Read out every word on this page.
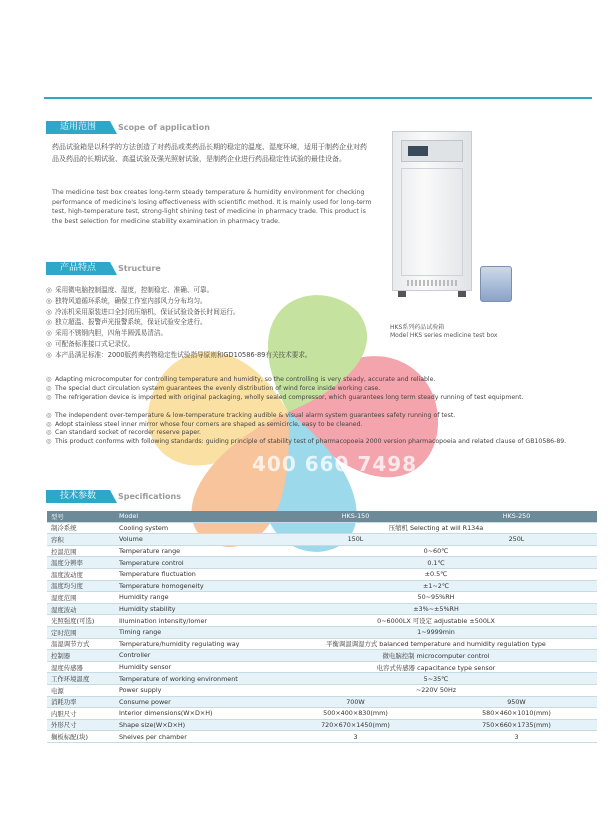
适用范围	Scope of application
药品试验箱是以科学的方法创造了对药品或类药品长期的稳定的温度、湿度环境，适用于制药企业对药品及药品的长期试验、高温试验及强光照射试验，是制药企业进行药品稳定性试验的最佳设备。
The medicine test box creates long-term steady temperature & humidity environment for checking performance of medicine's losing effectiveness with scientific method. It is mainly used for long-term test, high-temperature test, strong-light shining test of medicine in pharmacy trade. This product is the best selection for medicine stability examination in pharmacy trade.
HKS系列药品试验箱
Model HKS series medicine test box
产品特点	Structure
◎ 采用微电脑控制温度、湿度，控制稳定、准确、可靠。
◎ 独特风道循环系统，确保工作室内部风力分布均匀。
◎ 冷冻机采用原装进口全封闭压缩机，保证试验设备长时间运行。
◎ 独立超温、报警声光报警系统，保证试验安全进行。
◎ 采用不锈钢内胆，四角半圆弧易清洁。
◎ 可配备标准接口式记录仪。
◎ 本产品满足标准：2000版药典药物稳定性试验指导原则和GD10586-89有关技术要求。
◎ Adapting microcomputer for controlling temperature and humidity, so the controlling is very steady, accurate and reliable.
◎ The special duct circulation system guarantees the evenly distribution of wind force inside working case.
◎ The refrigeration device is imported with original packaging, wholly sealed compressor, which guarantees long term steady running of test equipment.
◎ The independent over-temperature & low-temperature tracking audible & visual alarm system guarantees safety running of test.
◎ Adopt stainless steel inner mirror whose four corners are shaped as semicircle, easy to be cleaned.
◎ Can standard socket of recorder reserve paper.
◎ This product conforms with following standards: guiding principle of stability test of pharmacopoeia 2000 version pharmacopoeia and related clause of GB10586-89.
400 660 7498
技术参数	Specifications
型号	Model	HKS-150	HKS-250
制冷系统	Cooling system	压缩机 Selecting at will R134a	
容积	Volume	150L	250L
控温范围	Temperature range	0~60℃	
温度分辨率	Temperature control	0.1℃	
温度波动度	Temperature fluctuation	±0.5℃	
温度均匀度	Temperature homogeneity	±1~2℃	
湿度范围	Humidity range	50~95%RH	
湿度波动	Humidity stability	±3%~±5%RH	
光照强度(可选)	Illumination intensity/lomer	0~6000LX 可设定 adjustable ±500LX	
定时范围	Timing range	1~9999min	
温湿调节方式	Temperature/humidity regulating way	平衡调温调湿方式 balanced temperature and humidity regulation type	
控制器	Controller	微电脑控制 microcomputer control	
湿度传感器	Humidity sensor	电容式传感器 capacitance type sensor	
工作环境温度	Temperature of working environment	5~35℃	
电源	Power supply	~220V 50Hz	
消耗功率	Consume power	700W	950W
内胆尺寸	Interior dimensions(W×D×H)	500×400×830(mm)	580×460×1010(mm)
外形尺寸	Shape size(W×D×H)	720×670×1450(mm)	750×660×1735(mm)
搁板标配(块)	Shelves per chamber	3	3
